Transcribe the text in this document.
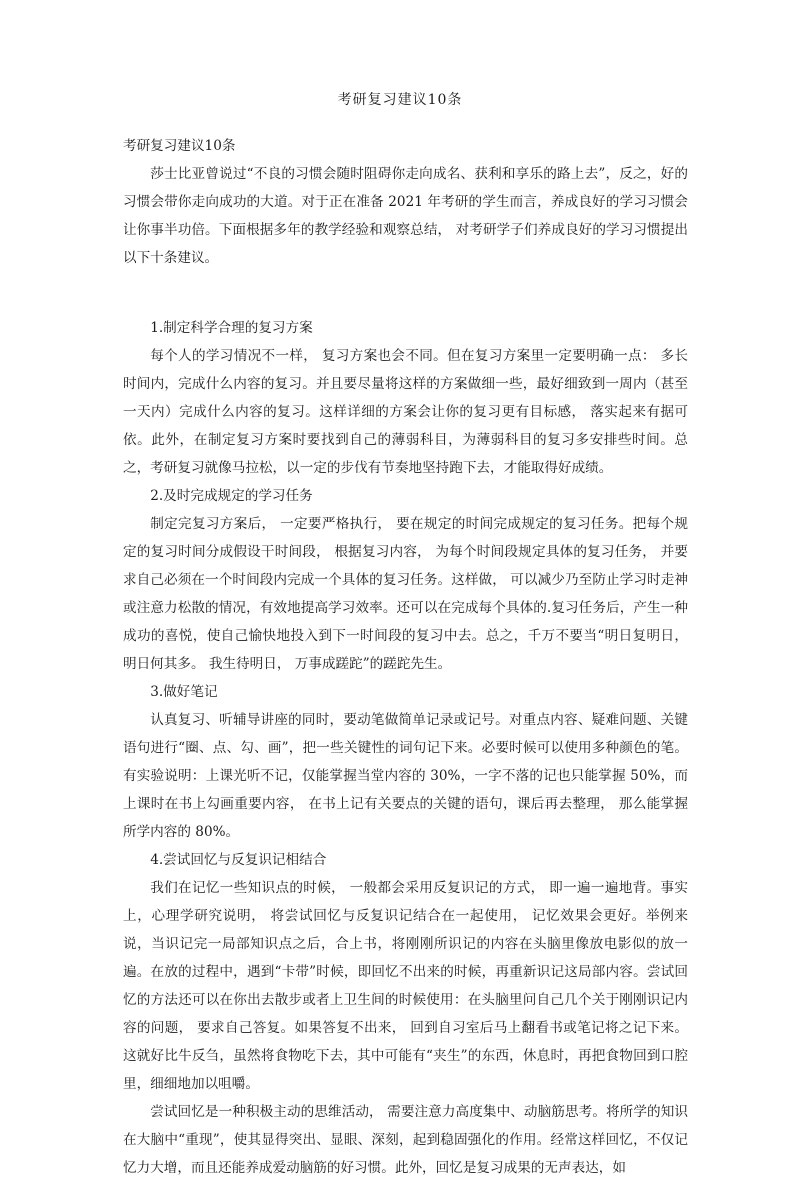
考研复习建议10条

考研复习建议10条

莎士比亚曾说过“不良的习惯会随时阻碍你走向成名、获利和享乐的路上去”，反之，好的习惯会带你走向成功的大道。对于正在准备 2021 年考研的学生而言，养成良好的学习习惯会让你事半功倍。下面根据多年的教学经验和观察总结， 对考研学子们养成良好的学习习惯提出以下十条建议。

1.制定科学合理的复习方案

每个人的学习情况不一样， 复习方案也会不同。但在复习方案里一定要明确一点： 多长时间内，完成什么内容的复习。并且要尽量将这样的方案做细一些，最好细致到一周内（甚至一天内）完成什么内容的复习。这样详细的方案会让你的复习更有目标感， 落实起来有据可依。此外，在制定复习方案时要找到自己的薄弱科目，为薄弱科目的复习多安排些时间。总之，考研复习就像马拉松，以一定的步伐有节奏地坚持跑下去，才能取得好成绩。

2.及时完成规定的学习任务

制定完复习方案后， 一定要严格执行， 要在规定的时间完成规定的复习任务。把每个规定的复习时间分成假设干时间段， 根据复习内容， 为每个时间段规定具体的复习任务， 并要求自己必须在一个时间段内完成一个具体的复习任务。这样做， 可以减少乃至防止学习时走神或注意力松散的情况，有效地提高学习效率。还可以在完成每个具体的.复习任务后，产生一种成功的喜悦，使自己愉快地投入到下一时间段的复习中去。总之，千万不要当“明日复明日， 明日何其多。 我生待明日， 万事成蹉跎”的蹉跎先生。

3.做好笔记

认真复习、听辅导讲座的同时，要动笔做简单记录或记号。对重点内容、疑难问题、关键语句进行“圈、点、勾、画”，把一些关键性的词句记下来。必要时候可以使用多种颜色的笔。有实验说明：上课光听不记，仅能掌握当堂内容的 30%，一字不落的记也只能掌握 50%，而上课时在书上勾画重要内容， 在书上记有关要点的关键的语句，课后再去整理， 那么能掌握所学内容的 80%。

4.尝试回忆与反复识记相结合

我们在记忆一些知识点的时候， 一般都会采用反复识记的方式， 即一遍一遍地背。事实上，心理学研究说明， 将尝试回忆与反复识记结合在一起使用， 记忆效果会更好。举例来说，当识记完一局部知识点之后，合上书，将刚刚所识记的内容在头脑里像放电影似的放一遍。在放的过程中，遇到“卡带”时候，即回忆不出来的时候，再重新识记这局部内容。尝试回忆的方法还可以在你出去散步或者上卫生间的时候使用：在头脑里问自己几个关于刚刚识记内容的问题， 要求自己答复。如果答复不出来， 回到自习室后马上翻看书或笔记将之记下来。这就好比牛反刍，虽然将食物吃下去，其中可能有“夹生”的东西，休息时，再把食物回到口腔里，细细地加以咀嚼。

尝试回忆是一种积极主动的思维活动， 需要注意力高度集中、动脑筋思考。将所学的知识在大脑中“重现”，使其显得突出、显眼、深刻，起到稳固强化的作用。经常这样回忆，不仅记忆力大增，而且还能养成爱动脑筋的好习惯。此外，回忆是复习成果的无声表达，如
